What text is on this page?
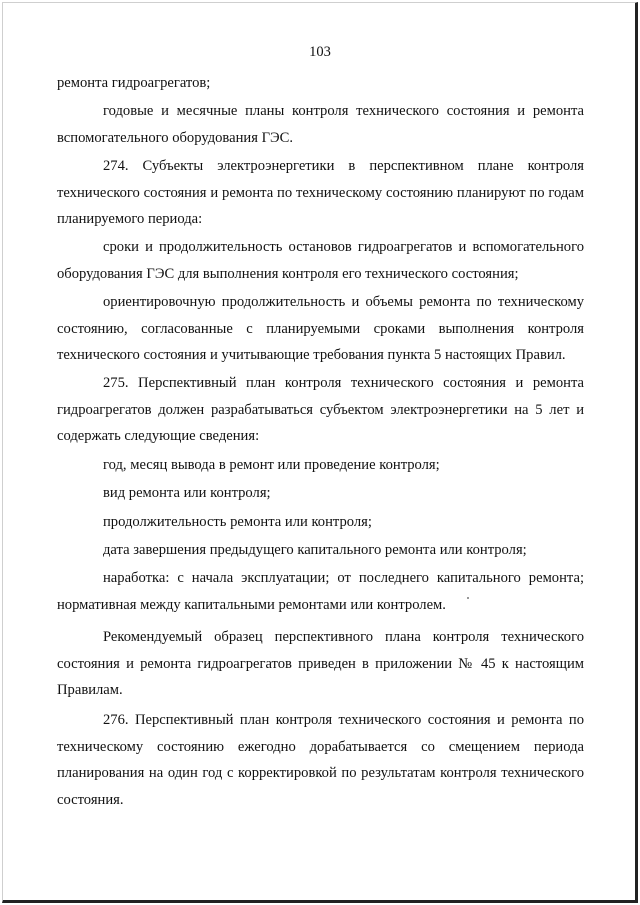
103

ремонта гидроагрегатов;

годовые и месячные планы контроля технического состояния и ремонта вспомогательного оборудования ГЭС.

274. Субъекты электроэнергетики в перспективном плане контроля технического состояния и ремонта по техническому состоянию планируют по годам планируемого периода:

сроки и продолжительность остановов гидроагрегатов и вспомогательного оборудования ГЭС для выполнения контроля его технического состояния;

ориентировочную продолжительность и объемы ремонта по техническому состоянию, согласованные с планируемыми сроками выполнения контроля технического состояния и учитывающие требования пункта 5 настоящих Правил.

275. Перспективный план контроля технического состояния и ремонта гидроагрегатов должен разрабатываться субъектом электроэнергетики на 5 лет и содержать следующие сведения:

год, месяц вывода в ремонт или проведение контроля;

вид ремонта или контроля;

продолжительность ремонта или контроля;

дата завершения предыдущего капитального ремонта или контроля;

наработка: с начала эксплуатации; от последнего капитального ремонта; нормативная между капитальными ремонтами или контролем.

Рекомендуемый образец перспективного плана контроля технического состояния и ремонта гидроагрегатов приведен в приложении № 45 к настоящим Правилам.

276. Перспективный план контроля технического состояния и ремонта по техническому состоянию ежегодно дорабатывается со смещением периода планирования на один год с корректировкой по результатам контроля технического состояния.
